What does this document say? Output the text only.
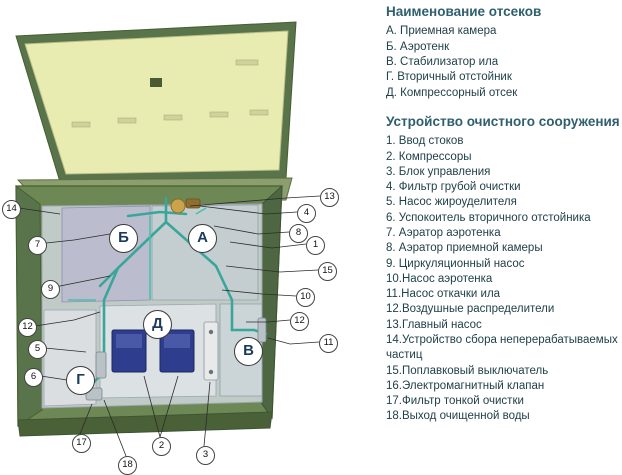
А
Б
В
Г
Д
14
7
9
12
5
6
13
4
8
1
15
10
12
11
17
18
2
3
Наименование отсеков
А. Приемная камера
Б. Аэротенк
В. Стабилизатор ила
Г. Вторичный отстойник
Д. Компрессорный отсек
Устройство очистного сооружения
1. Ввод стоков
2. Компрессоры
3. Блок управления
4. Фильтр грубой очистки
5. Насос жироуделителя
6. Успокоитель вторичного отстойника
7. Аэратор аэротенка
8. Аэратор приемной камеры
9. Циркуляционный насос
10.Насос аэротенка
11.Насос откачки ила
12.Воздушные распределители
13.Главный насос
14.Устройство сбора неперерабатываемых частиц
15.Поплавковый выключатель
16.Электромагнитный клапан
17.Фильтр тонкой очистки
18.Выход очищенной воды
